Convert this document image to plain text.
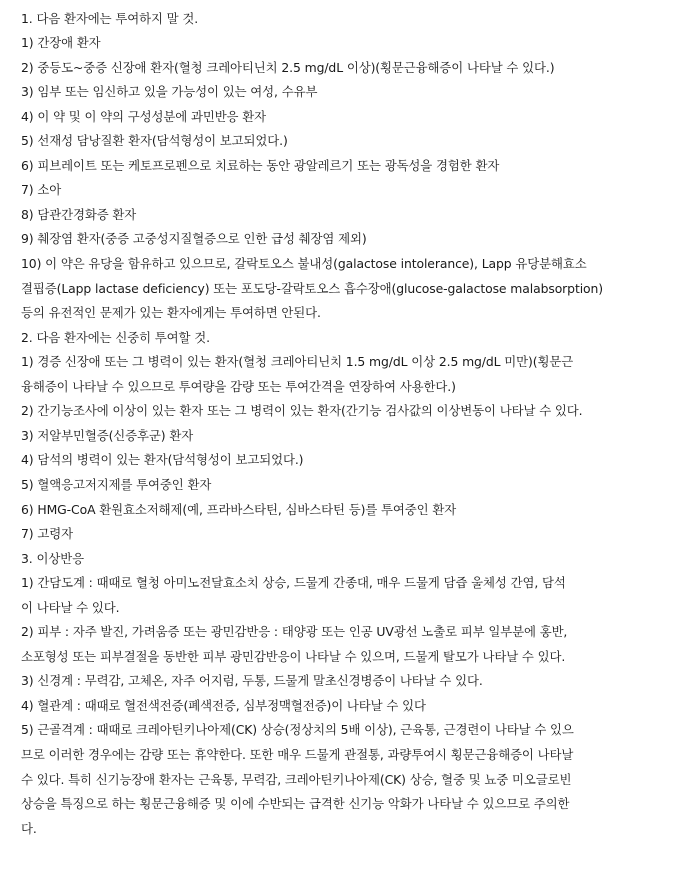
1. 다음 환자에는 투여하지 말 것.
1) 간장애 환자
2) 중등도~중증 신장애 환자(혈청 크레아티닌치 2.5 mg/dL 이상)(횡문근융해증이 나타날 수 있다.)
3) 임부 또는 임신하고 있을 가능성이 있는 여성, 수유부
4) 이 약 및 이 약의 구성성분에 과민반응 환자
5) 선재성 담낭질환 환자(담석형성이 보고되었다.)
6) 피브레이트 또는 케토프로펜으로 치료하는 동안 광알레르기 또는 광독성을 경험한 환자
7) 소아
8) 담관간경화증 환자
9) 췌장염 환자(중증 고중성지질혈증으로 인한 급성 췌장염 제외)
10) 이 약은 유당을 함유하고 있으므로, 갈락토오스 불내성(galactose intolerance), Lapp 유당분해효소
결핍증(Lapp lactase deficiency) 또는 포도당-갈락토오스 흡수장애(glucose-galactose malabsorption)
등의 유전적인 문제가 있는 환자에게는 투여하면 안된다.
2. 다음 환자에는 신중히 투여할 것.
1) 경증 신장애 또는 그 병력이 있는 환자(혈청 크레아티닌치 1.5 mg/dL 이상 2.5 mg/dL 미만)(횡문근
융해증이 나타날 수 있으므로 투여량을 감량 또는 투여간격을 연장하여 사용한다.)
2) 간기능조사에 이상이 있는 환자 또는 그 병력이 있는 환자(간기능 검사값의 이상변동이 나타날 수 있다.
3) 저알부민혈증(신증후군) 환자
4) 담석의 병력이 있는 환자(담석형성이 보고되었다.)
5) 혈액응고저지제를 투여중인 환자
6) HMG-CoA 환원효소저해제(예, 프라바스타틴, 심바스타틴 등)를 투여중인 환자
7) 고령자
3. 이상반응
1) 간담도계 : 때때로 혈청 아미노전달효소치 상승, 드물게 간종대, 매우 드물게 담즙 울체성 간염, 담석
이 나타날 수 있다.
2) 피부 : 자주 발진, 가려움증 또는 광민감반응 : 태양광 또는 인공 UV광선 노출로 피부 일부분에 홍반,
소포형성 또는 피부결절을 동반한 피부 광민감반응이 나타날 수 있으며, 드물게 탈모가 나타날 수 있다.
3) 신경계 : 무력감, 고체온, 자주 어지럼, 두통, 드물게 말초신경병증이 나타날 수 있다.
4) 혈관계 : 때때로 혈전색전증(폐색전증, 심부정맥혈전증)이 나타날 수 있다
5) 근골격계 : 때때로 크레아틴키나아제(CK) 상승(정상치의 5배 이상), 근육통, 근경련이 나타날 수 있으
므로 이러한 경우에는 감량 또는 휴약한다. 또한 매우 드물게 관절통, 과량투여시 횡문근융해증이 나타날
수 있다. 특히 신기능장애 환자는 근육통, 무력감, 크레아틴키나아제(CK) 상승, 혈중 및 뇨중 미오글로빈
상승을 특징으로 하는 횡문근융해증 및 이에 수반되는 급격한 신기능 악화가 나타날 수 있으므로 주의한
다.
